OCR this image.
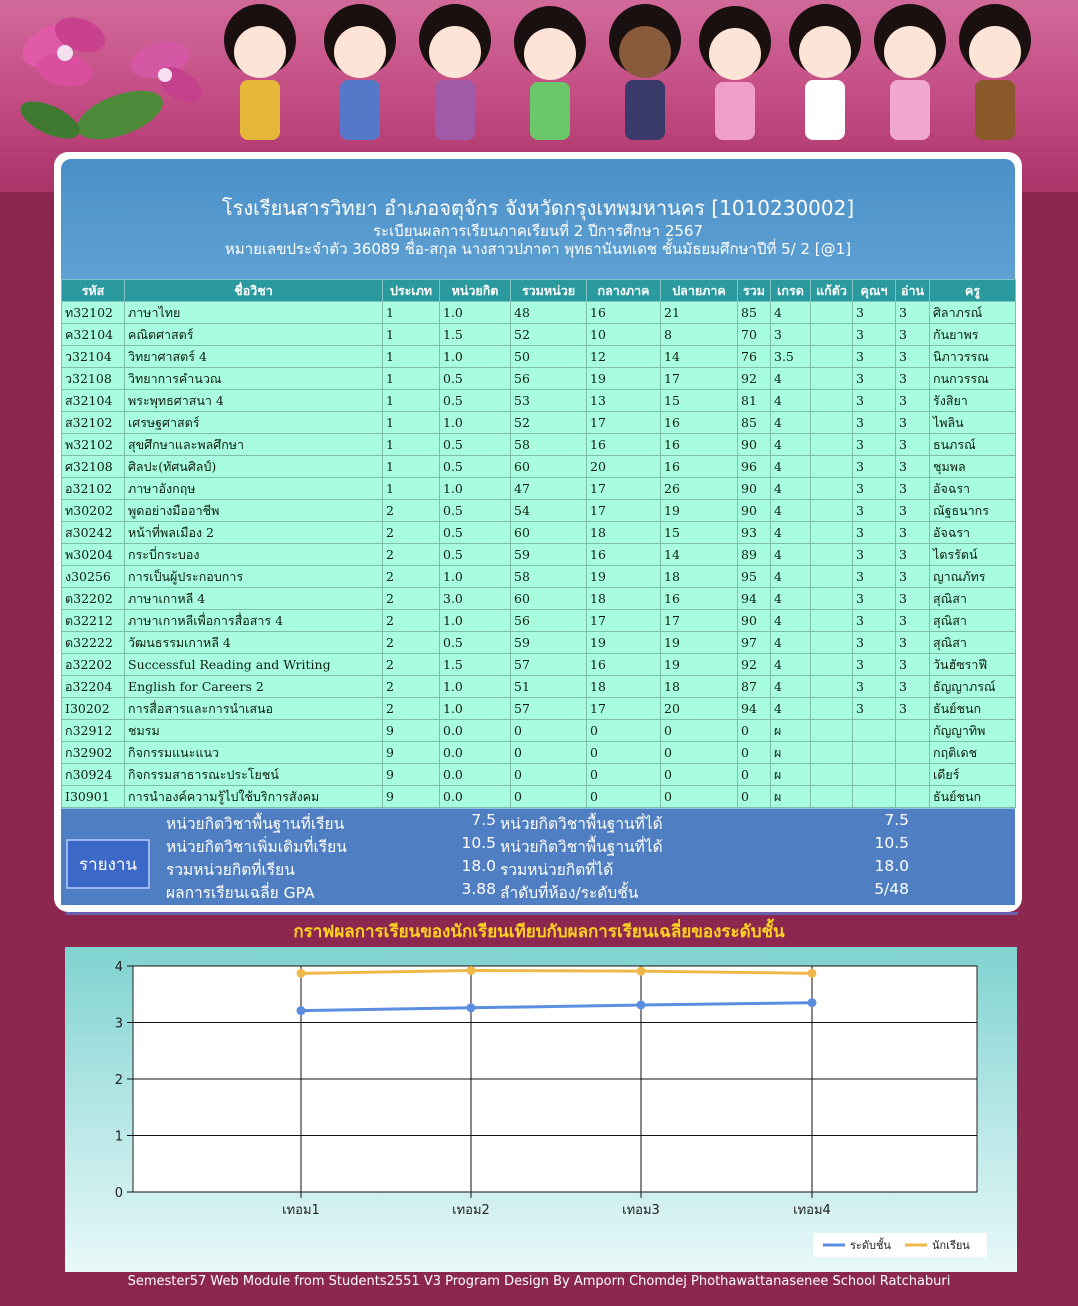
โรงเรียนสารวิทยา อำเภอจตุจักร จังหวัดกรุงเทพมหานคร [1010230002]
ระเบียนผลการเรียนภาคเรียนที่ 2 ปีการศึกษา 2567
หมายเลขประจำตัว 36089 ชื่อ-สกุล นางสาวปภาดา พุทธานันทเดช ชั้นมัธยมศึกษาปีที่ 5/ 2 [@1]
รหัส	ชื่อวิชา	ประเภท	หน่วยกิต	รวมหน่วย	กลางภาค	ปลายภาค	รวม	เกรด	แก้ตัว	คุณฯ	อ่าน	ครู
ท32102	ภาษาไทย	1	1.0	48	16	21	85	4		3	3	ศิลาภรณ์
ค32104	คณิตศาสตร์	1	1.5	52	10	8	70	3		3	3	กันยาพร
ว32104	วิทยาศาสตร์ 4	1	1.0	50	12	14	76	3.5		3	3	นิภาวรรณ
ว32108	วิทยาการคำนวณ	1	0.5	56	19	17	92	4		3	3	กนกวรรณ
ส32104	พระพุทธศาสนา 4	1	0.5	53	13	15	81	4		3	3	รังสิยา
ส32102	เศรษฐศาสตร์	1	1.0	52	17	16	85	4		3	3	ไพลิน
พ32102	สุขศึกษาและพลศึกษา	1	0.5	58	16	16	90	4		3	3	ธนภรณ์
ศ32108	ศิลปะ(ทัศนศิลป์)	1	0.5	60	20	16	96	4		3	3	ชุมพล
อ32102	ภาษาอังกฤษ	1	1.0	47	17	26	90	4		3	3	อัจฉรา
ท30202	พูดอย่างมืออาชีพ	2	0.5	54	17	19	90	4		3	3	ณัฐธนากร
ส30242	หน้าที่พลเมือง 2	2	0.5	60	18	15	93	4		3	3	อัจฉรา
พ30204	กระบี่กระบอง	2	0.5	59	16	14	89	4		3	3	ไตรรัตน์
ง30256	การเป็นผู้ประกอบการ	2	1.0	58	19	18	95	4		3	3	ญาณภัทร
ต32202	ภาษาเกาหลี 4	2	3.0	60	18	16	94	4		3	3	สุณิสา
ต32212	ภาษาเกาหลีเพื่อการสื่อสาร 4	2	1.0	56	17	17	90	4		3	3	สุณิสา
ต32222	วัฒนธรรมเกาหลี 4	2	0.5	59	19	19	97	4		3	3	สุณิสา
อ32202	Successful Reading and Writing	2	1.5	57	16	19	92	4		3	3	วันฮัซราฟี
อ32204	English for Careers 2	2	1.0	51	18	18	87	4		3	3	ธัญญาภรณ์
I30202	การสื่อสารและการนำเสนอ	2	1.0	57	17	20	94	4		3	3	ธันย์ชนก
ก32912	ชมรม	9	0.0	0	0	0	0	ผ				กัญญาทิพ
ก32902	กิจกรรมแนะแนว	9	0.0	0	0	0	0	ผ				กฤติเดช
ก30924	กิจกรรมสาธารณะประโยชน์	9	0.0	0	0	0	0	ผ				เดียร์
I30901	การนำองค์ความรู้ไปใช้บริการสังคม	9	0.0	0	0	0	0	ผ				ธันย์ชนก
รายงาน
หน่วยกิตวิชาพื้นฐานที่เรียน	7.5 หน่วยกิตวิชาพื้นฐานที่ได้	7.5
หน่วยกิตวิชาเพิ่มเติมที่เรียน	10.5 หน่วยกิตวิชาพื้นฐานที่ได้	10.5
รวมหน่วยกิตที่เรียน	18.0 รวมหน่วยกิตที่ได้	18.0
ผลการเรียนเฉลี่ย GPA	3.88 ลำดับที่ห้อง/ระดับชั้น	5/48
กราฟผลการเรียนของนักเรียนเทียบกับผลการเรียนเฉลี่ยของระดับชั้น
0
1
2
3
4
เทอม1	เทอม2	เทอม3	เทอม4
ระดับชั้น	นักเรียน
Semester57 Web Module from Students2551 V3 Program Design By Amporn Chomdej Phothawattanasenee School Ratchaburi
